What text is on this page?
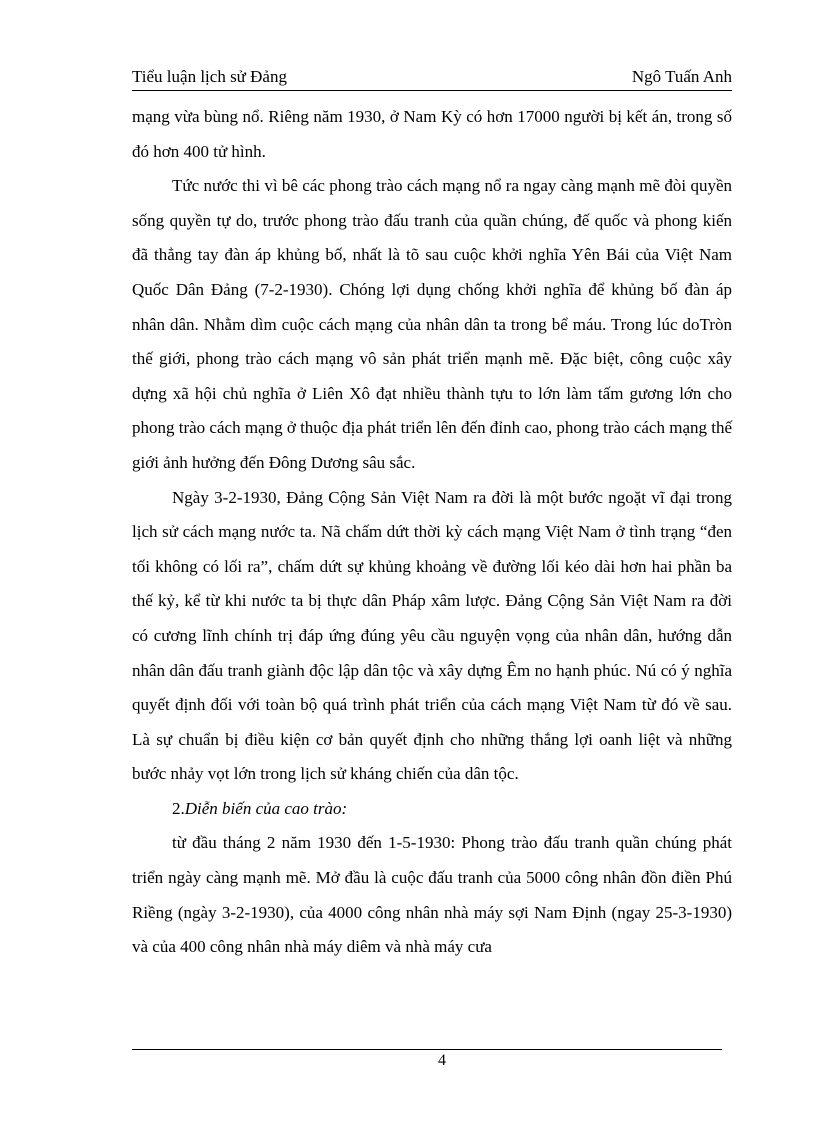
Tiểu luận lịch sử Đảng	Ngô Tuấn Anh

mạng vừa bùng nổ. Riêng năm 1930, ở Nam Kỳ có hơn 17000 người bị kết án, trong số đó hơn 400 tử hình.

Tức nước thi vì bê các phong trào cách mạng nổ ra ngay càng mạnh mẽ đòi quyền sống quyền tự do, trước phong trào đấu tranh của quần chúng, đế quốc và phong kiến đã thẳng tay đàn áp khủng bố, nhất là tõ sau cuộc khởi nghĩa Yên Bái của Việt Nam Quốc Dân Đảng (7-2-1930). Chóng lợi dụng chống khởi nghĩa để khủng bố đàn áp nhân dân. Nhằm dìm cuộc cách mạng của nhân dân ta trong bể máu. Trong lúc doTròn thế giới, phong trào cách mạng vô sản phát triển mạnh mẽ. Đặc biệt, công cuộc xây dựng xã hội chủ nghĩa ở Liên Xô đạt nhiều thành tựu to lớn làm tấm gương lớn cho phong trào cách mạng ở thuộc địa phát triển lên đến đỉnh cao, phong trào cách mạng thế giới ảnh hưởng đến Đông Dương sâu sắc.

Ngày 3-2-1930, Đảng Cộng Sản Việt Nam ra đời là một bước ngoặt vĩ đại trong lịch sử cách mạng nước ta. Nã chấm dứt thời kỳ cách mạng Việt Nam ở tình trạng “đen tối không có lối ra”, chấm dứt sự khủng khoảng về đường lối kéo dài hơn hai phần ba thế kỷ, kể từ khi nước ta bị thực dân Pháp xâm lược. Đảng Cộng Sản Việt Nam ra đời có cương lĩnh chính trị đáp ứng đúng yêu cầu nguyện vọng của nhân dân, hướng dẫn nhân dân đấu tranh giành độc lập dân tộc và xây dựng Êm no hạnh phúc. Nú có ý nghĩa quyết định đối với toàn bộ quá trình phát triển của cách mạng Việt Nam từ đó về sau. Là sự chuẩn bị điều kiện cơ bản quyết định cho những thắng lợi oanh liệt và những bước nhảy vọt lớn trong lịch sử kháng chiến của dân tộc.

2.Diễn biến của cao trào:

từ đầu tháng 2 năm 1930 đến 1-5-1930: Phong trào đấu tranh quần chúng phát triển ngày càng mạnh mẽ. Mở đầu là cuộc đấu tranh của 5000 công nhân đồn điền Phú Riềng (ngày 3-2-1930), của 4000 công nhân nhà máy sợi Nam Định (ngay 25-3-1930) và của 400 công nhân nhà máy diêm và nhà máy cưa

4
